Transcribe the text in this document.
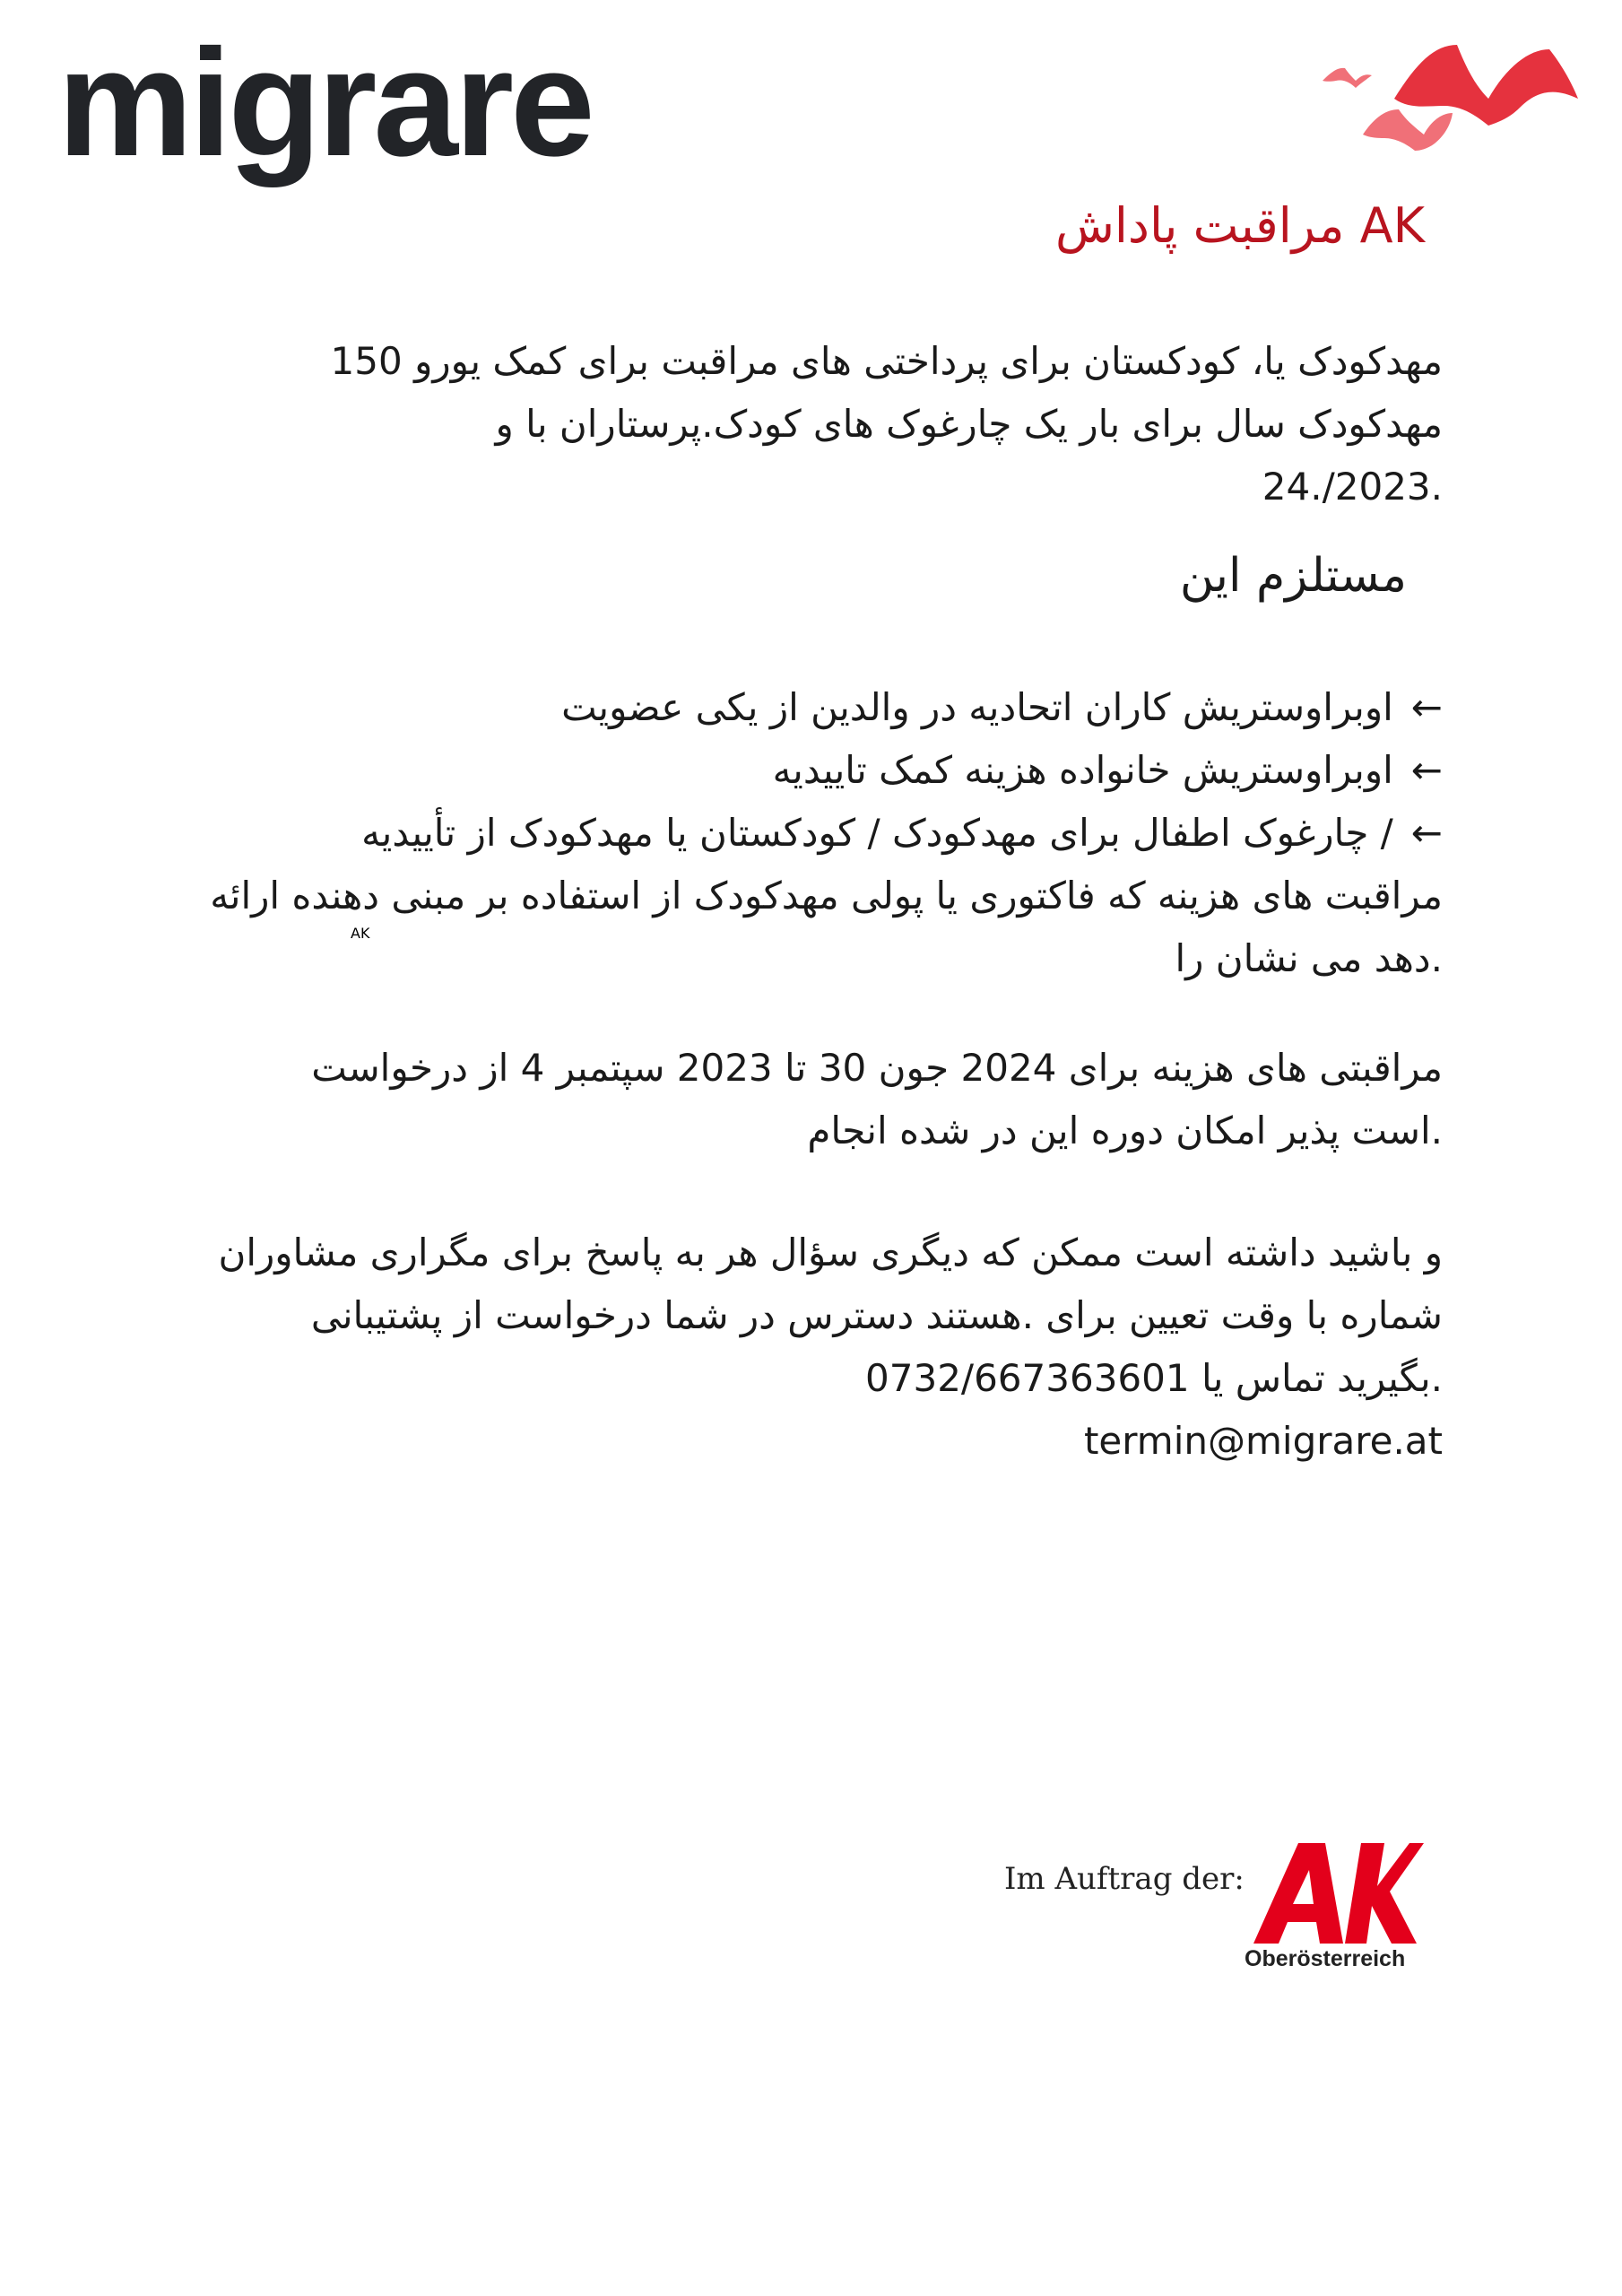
migrare
AK مراقبت پاداش

مهدکودک یا، کودکستان برای پرداختی های مراقبت برای کمک یورو 150
مهدکودک سال برای بار یک چارغوک های کودک.پرستاران با و
.2023/.24

مستلزم این
←اوبراوستریش کاران اتحادیه در والدین از یکی عضویت
←اوبراوستریش خانواده هزینه کمک تاییدیه
←/ چارغوک اطفال برای مهدکودک / کودکستان یا مهدکودک از تأییدیه
مراقبت های هزینه که فاکتوری یا پولی مهدکودک از استفاده بر مبنی دهنده ارائه
.دهد می نشان را

مراقبتی های هزینه برای 2024 جون 30 تا 2023 سپتمبر 4 از درخواست
.است پذیر امکان دوره این در شده انجام

و باشید داشته است ممکن که دیگری سؤال هر به پاسخ برای مگراری مشاوران
شماره با وقت تعیین برای .هستند دسترس در شما درخواست از پشتیبانی
.بگیرید تماس یا 0732/667363601
termin@migrare.at

Im Auftrag der:

AK

Oberösterreich
